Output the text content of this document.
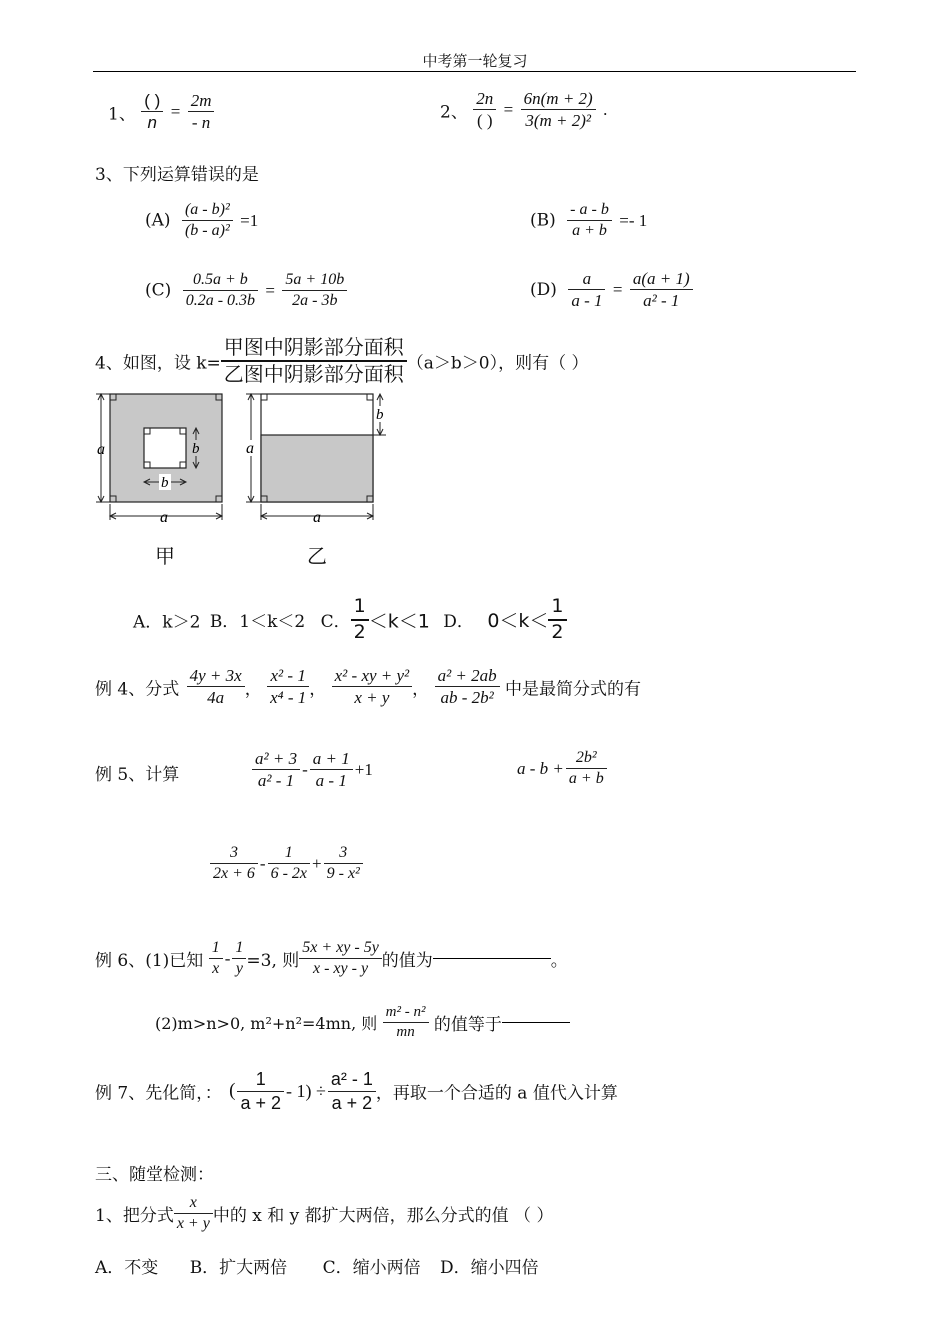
中考第一轮复习
1、 $\frac{( )}{n} = \frac{2m}{- n}$	2、 $\frac{2n}{( )} = \frac{6n(m + 2)}{\text{3(m + 2)²}}$ .
3、下列运算错误的是
$(A) \frac{\text{(a - b)²}}{\text{(b - a)²}} =1$	$(B) \frac{- a - b}{a + b} =- 1$
$(C) \frac{0.5a + b}{0.2a - 0.3b} = \frac{5a + 10b}{2a - 3b}$	$(D) \frac{a}{a - 1} = \frac{a(a + 1)}{\text{a² - 1}}$
4、如图，设 $k= \frac{\text{甲图中阴影部分面积}}{\text{乙图中阴影部分面积}} (a>b>0)$，则有（ ）
a	b
b
a
甲
a
b
a
乙
A．k＞2 B．1＜k＜2 C． $\frac{1}{2} <k<1$ D． $0<k< \frac{1}{2}$
例 4、分式 $\frac{4y + 3x}{4a}$ ， $\frac{\text{x² - 1}}{\text{x⁴ - 1}}$ ， $\frac{\text{x² - xy + y²}}{x + y}$ ， $\frac{\text{a² + 2ab}}{\text{ab - 2b²}}$ 中是最简分式的有
例 5、计算	$\frac{\text{a² + 3}}{\text{a² - 1}} - \frac{a + 1}{a - 1} +1$	$a - b + \frac{\text{2b²}}{a + b}$
$\frac{3}{2x + 6} - \frac{1}{6 - 2x} + \frac{3}{\text{9 - x²}}$
例 6、(1)已知 $\frac{1}{x} - \frac{1}{y} =3$, 则 $\frac{5x + xy - 5y}{x - xy - y}$ 的值为	。
(2)m>n>0, m²+n²=4mn, 则 $\frac{\text{m² - n²}}{mn}$ 的值等于
例 7、先化简，： ( $\frac{1}{a + 2} - 1) \div \frac{\text{a² - 1}}{a + 2}$ ，再取一个合适的 a 值代入计算
三、随堂检测：
1、把分式 $\frac{x}{x + y}$ 中的 x 和 y 都扩大两倍，那么分式的值 （ ）
A．不变 B．扩大两倍 C．缩小两倍 D．缩小四倍
